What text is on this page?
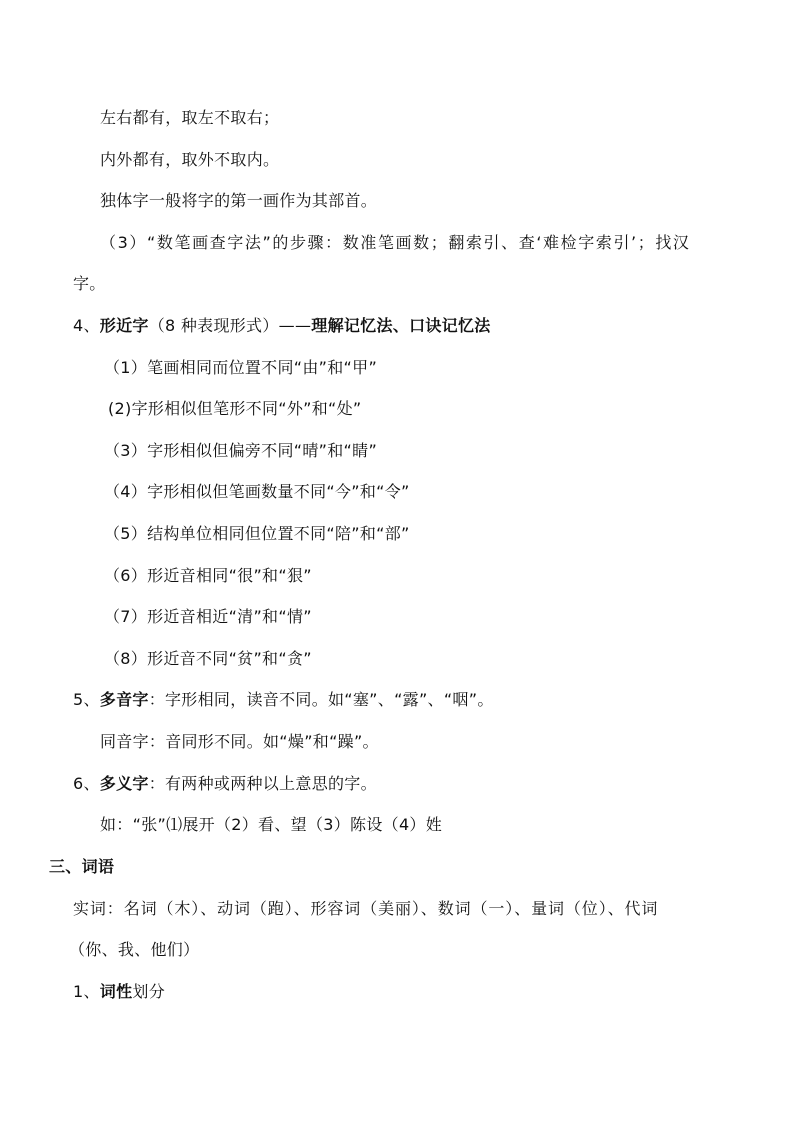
左右都有，取左不取右；
内外都有，取外不取内。
独体字一般将字的第一画作为其部首。
（3）“数笔画查字法”的步骤：数准笔画数；翻索引、查‘难检字索引’；找汉
字。
4、形近字（8 种表现形式）——理解记忆法、口诀记忆法
（1）笔画相同而位置不同“由”和“甲”
(2)字形相似但笔形不同“外”和“处”
（3）字形相似但偏旁不同“晴”和“睛”
（4）字形相似但笔画数量不同“今”和“令”
（5）结构单位相同但位置不同“陪”和“部”
（6）形近音相同“很”和“狠”
（7）形近音相近“清”和“情”
（8）形近音不同“贫”和“贪”
5、多音字：字形相同，读音不同。如“塞”、“露”、“咽”。
同音字：音同形不同。如“燥”和“躁”。
6、多义字：有两种或两种以上意思的字。
如：“张”⑴展开（2）看、望（3）陈设（4）姓
三、词语
实词：名词（木）、动词（跑）、形容词（美丽）、数词（一）、量词（位）、代词
（你、我、他们）
1、词性划分
